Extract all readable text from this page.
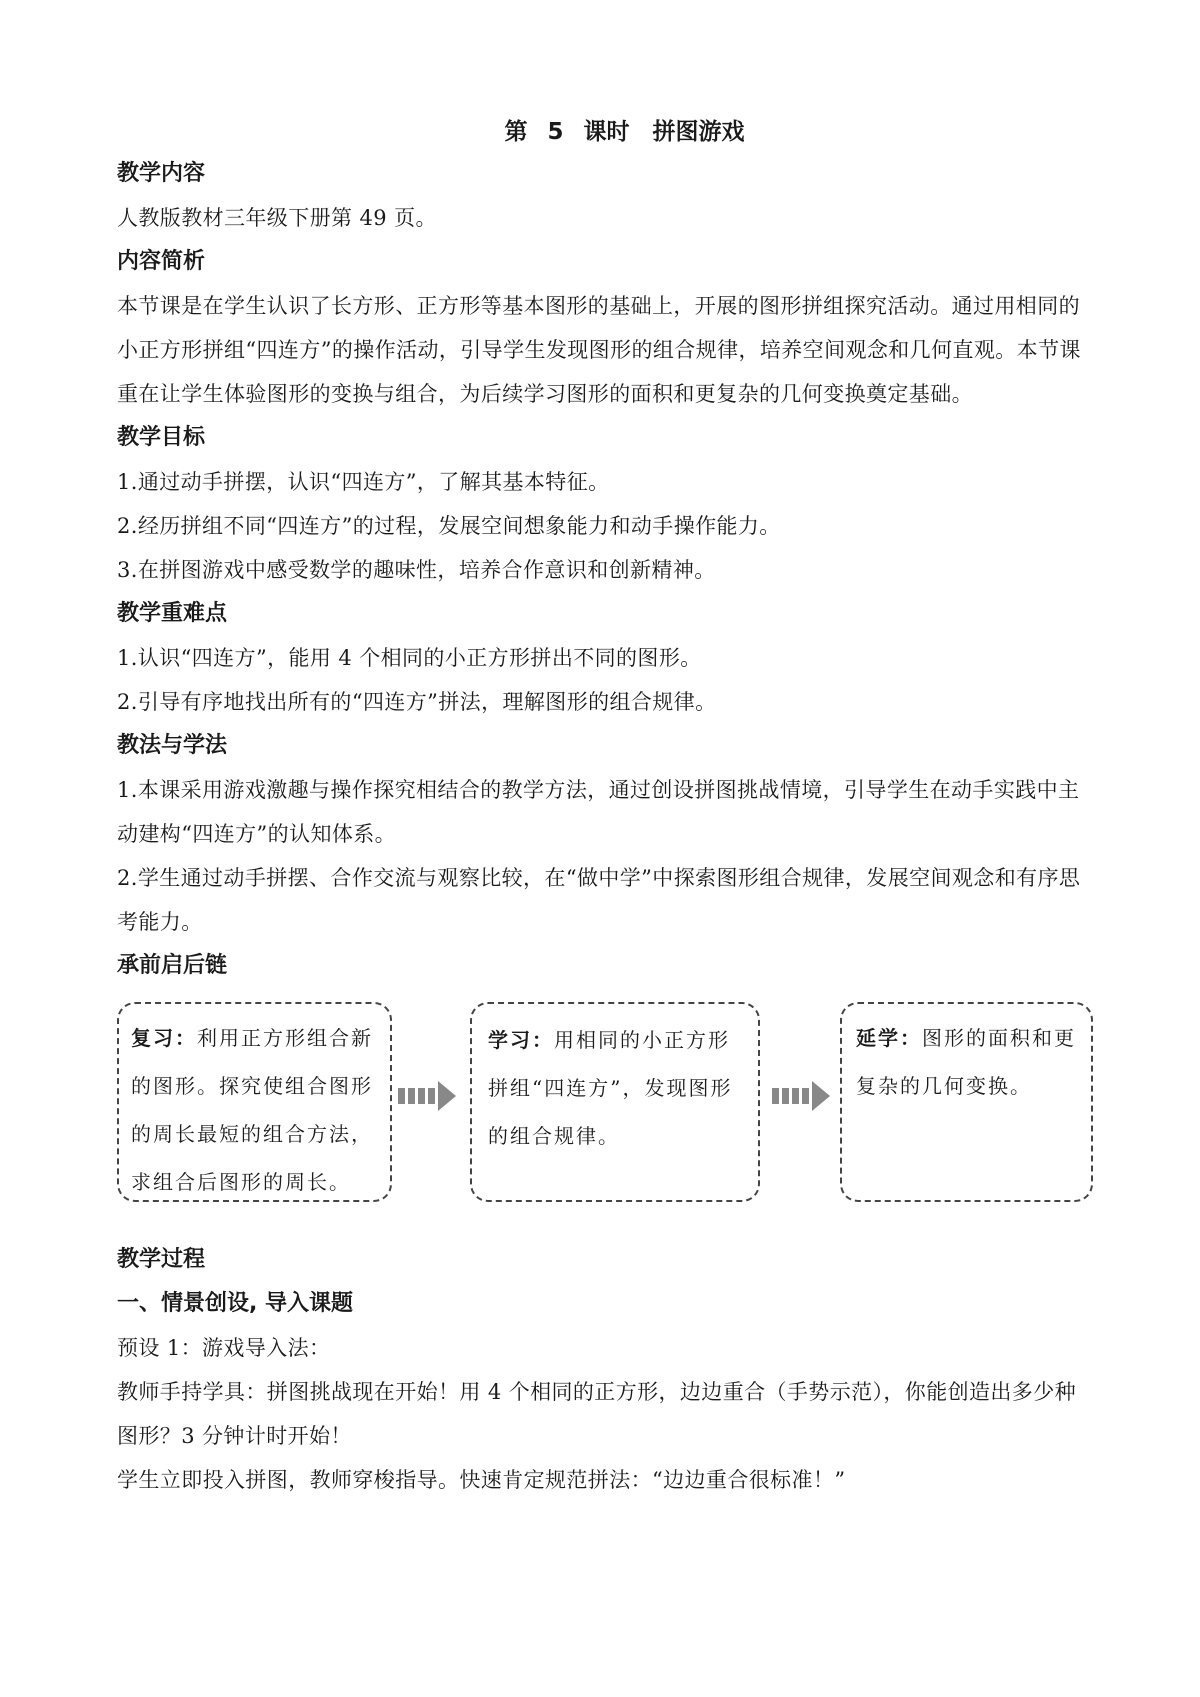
第 5 课时　拼图游戏

教学内容

人教版教材三年级下册第 49 页。

内容简析

本节课是在学生认识了长方形、正方形等基本图形的基础上，开展的图形拼组探究活动。通过用相同的小正方形拼组“四连方”的操作活动，引导学生发现图形的组合规律，培养空间观念和几何直观。本节课重在让学生体验图形的变换与组合，为后续学习图形的面积和更复杂的几何变换奠定基础。

教学目标

1.通过动手拼摆，认识“四连方”，了解其基本特征。

2.经历拼组不同“四连方”的过程，发展空间想象能力和动手操作能力。

3.在拼图游戏中感受数学的趣味性，培养合作意识和创新精神。

教学重难点

1.认识“四连方”，能用 4 个相同的小正方形拼出不同的图形。

2.引导有序地找出所有的“四连方”拼法，理解图形的组合规律。

教法与学法

1.本课采用游戏激趣与操作探究相结合的教学方法，通过创设拼图挑战情境，引导学生在动手实践中主动建构“四连方”的认知体系。

2.学生通过动手拼摆、合作交流与观察比较，在“做中学”中探索图形组合规律，发展空间观念和有序思考能力。

承前启后链

复习：利用正方形组合新的图形。探究使组合图形的周长最短的组合方法，求组合后图形的周长。
学习：用相同的小正方形拼组“四连方”，发现图形的组合规律。
延学：图形的面积和更复杂的几何变换。

教学过程

一、情景创设, 导入课题

预设 1：游戏导入法：

教师手持学具：拼图挑战现在开始！用 4 个相同的正方形，边边重合（手势示范），你能创造出多少种图形？3 分钟计时开始！

学生立即投入拼图，教师穿梭指导。快速肯定规范拼法：“边边重合很标准！”
